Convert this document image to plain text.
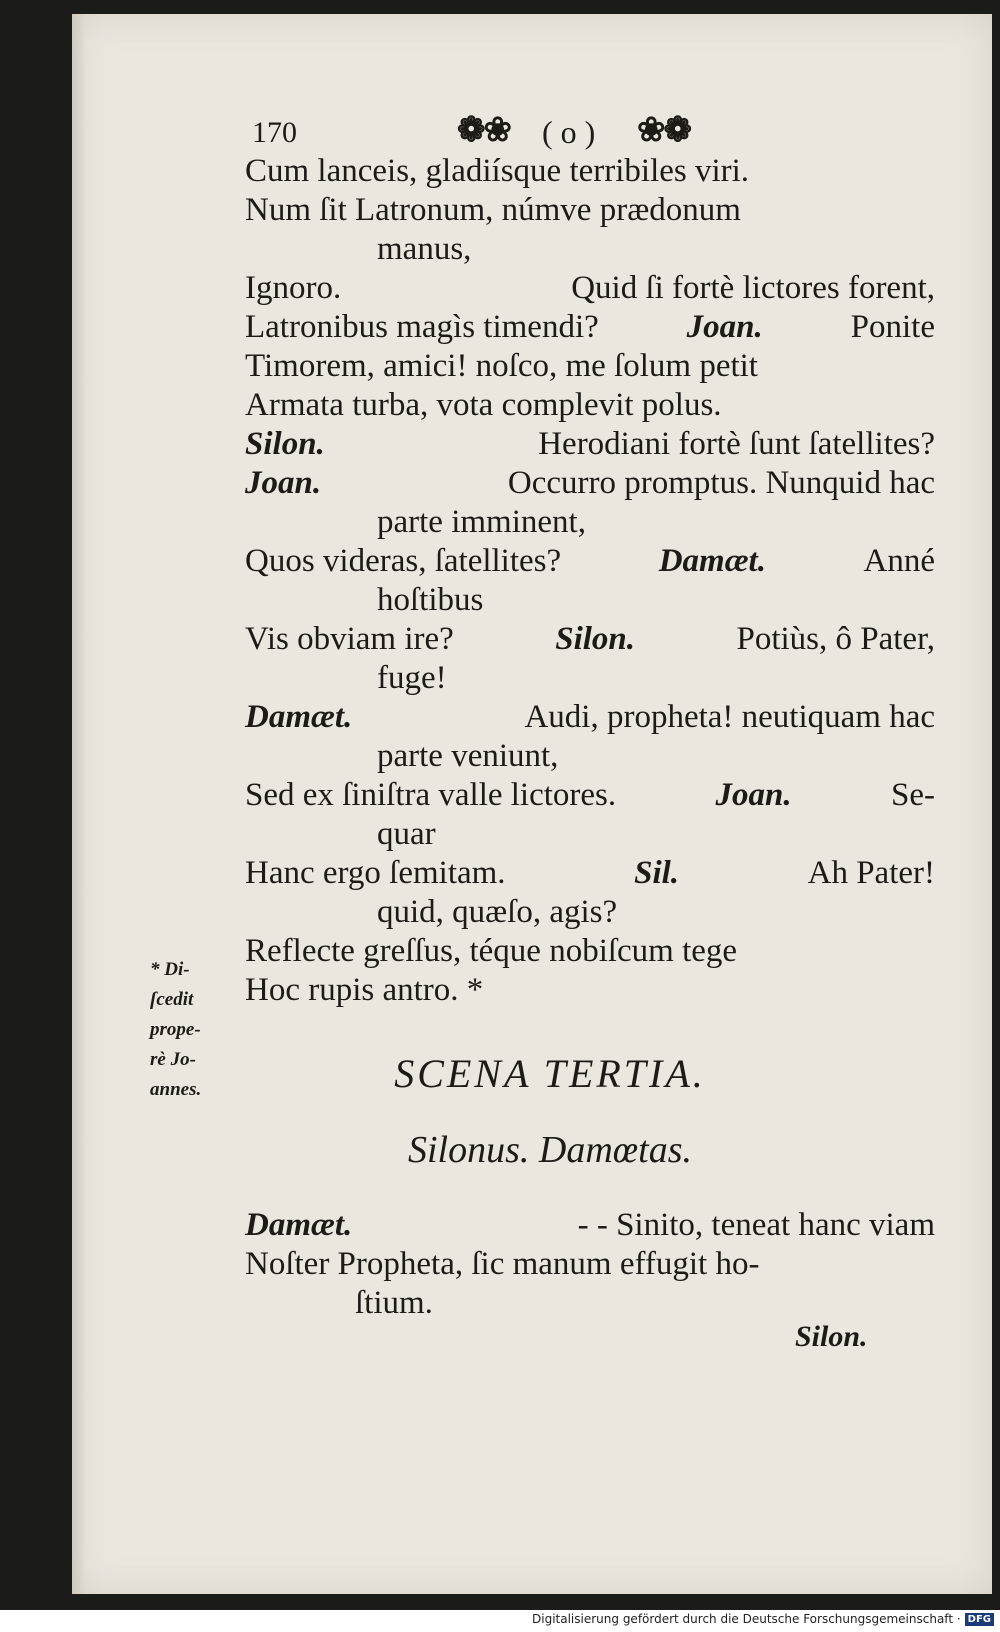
170	❁❀ ( o ) ❀❁
Cum lanceis, gladiísque terribiles viri.
Num ſit Latronum, númve prædonum
manus,
Ignoro.	Quid ſi fortè lictores forent,
Latronibus magìs timendi?	Joan.	Ponite
Timorem, amici! noſco, me ſolum petit
Armata turba, vota complevit polus.
Silon.	Herodiani fortè ſunt ſatellites?
Joan.	Occurro promptus. Nunquid hac
parte imminent,
Quos videras, ſatellites?	Damæt.	Anné
hoſtibus
Vis obviam ire?	Silon.	Potiùs, ô Pater,
fuge!
Damæt.	Audi, propheta! neutiquam hac
parte veniunt,
Sed ex ſiniſtra valle lictores.	Joan.	Se-
quar
Hanc ergo ſemitam.	Sil.	Ah Pater!
quid, quæſo, agis?
Reflecte greſſus, téque nobiſcum tege
Hoc rupis antro. *
* Di-
ſcedit
prope-
rè Jo-
annes.	SCENA TERTIA.
Silonus. Damœtas.
Damæt.	- - Sinito, teneat hanc viam
Noſter Propheta, ſic manum effugit ho-
ſtium.
Silon.
Digitalisierung gefördert durch die Deutsche Forschungsgemeinschaft · DFG
